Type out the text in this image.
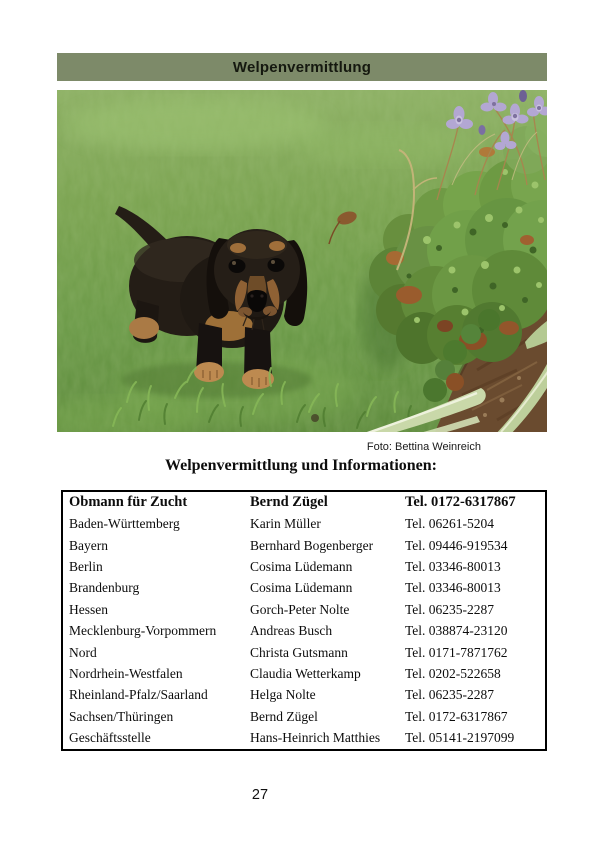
Welpenvermittlung
Foto: Bettina Weinreich
Welpenvermittlung und Informationen:
Obmann für Zucht	Bernd Zügel	Tel. 0172-6317867
Baden-Württemberg	Karin Müller	Tel. 06261-5204
Bayern	Bernhard Bogenberger	Tel. 09446-919534
Berlin	Cosima Lüdemann	Tel. 03346-80013
Brandenburg	Cosima Lüdemann	Tel. 03346-80013
Hessen	Gorch-Peter Nolte	Tel. 06235-2287
Mecklenburg-Vorpommern	Andreas Busch	Tel. 038874-23120
Nord	Christa Gutsmann	Tel. 0171-7871762
Nordrhein-Westfalen	Claudia Wetterkamp	Tel. 0202-522658
Rheinland-Pfalz/Saarland	Helga Nolte	Tel. 06235-2287
Sachsen/Thüringen	Bernd Zügel	Tel. 0172-6317867
Geschäftsstelle	Hans-Heinrich Matthies	Tel. 05141-2197099
27
